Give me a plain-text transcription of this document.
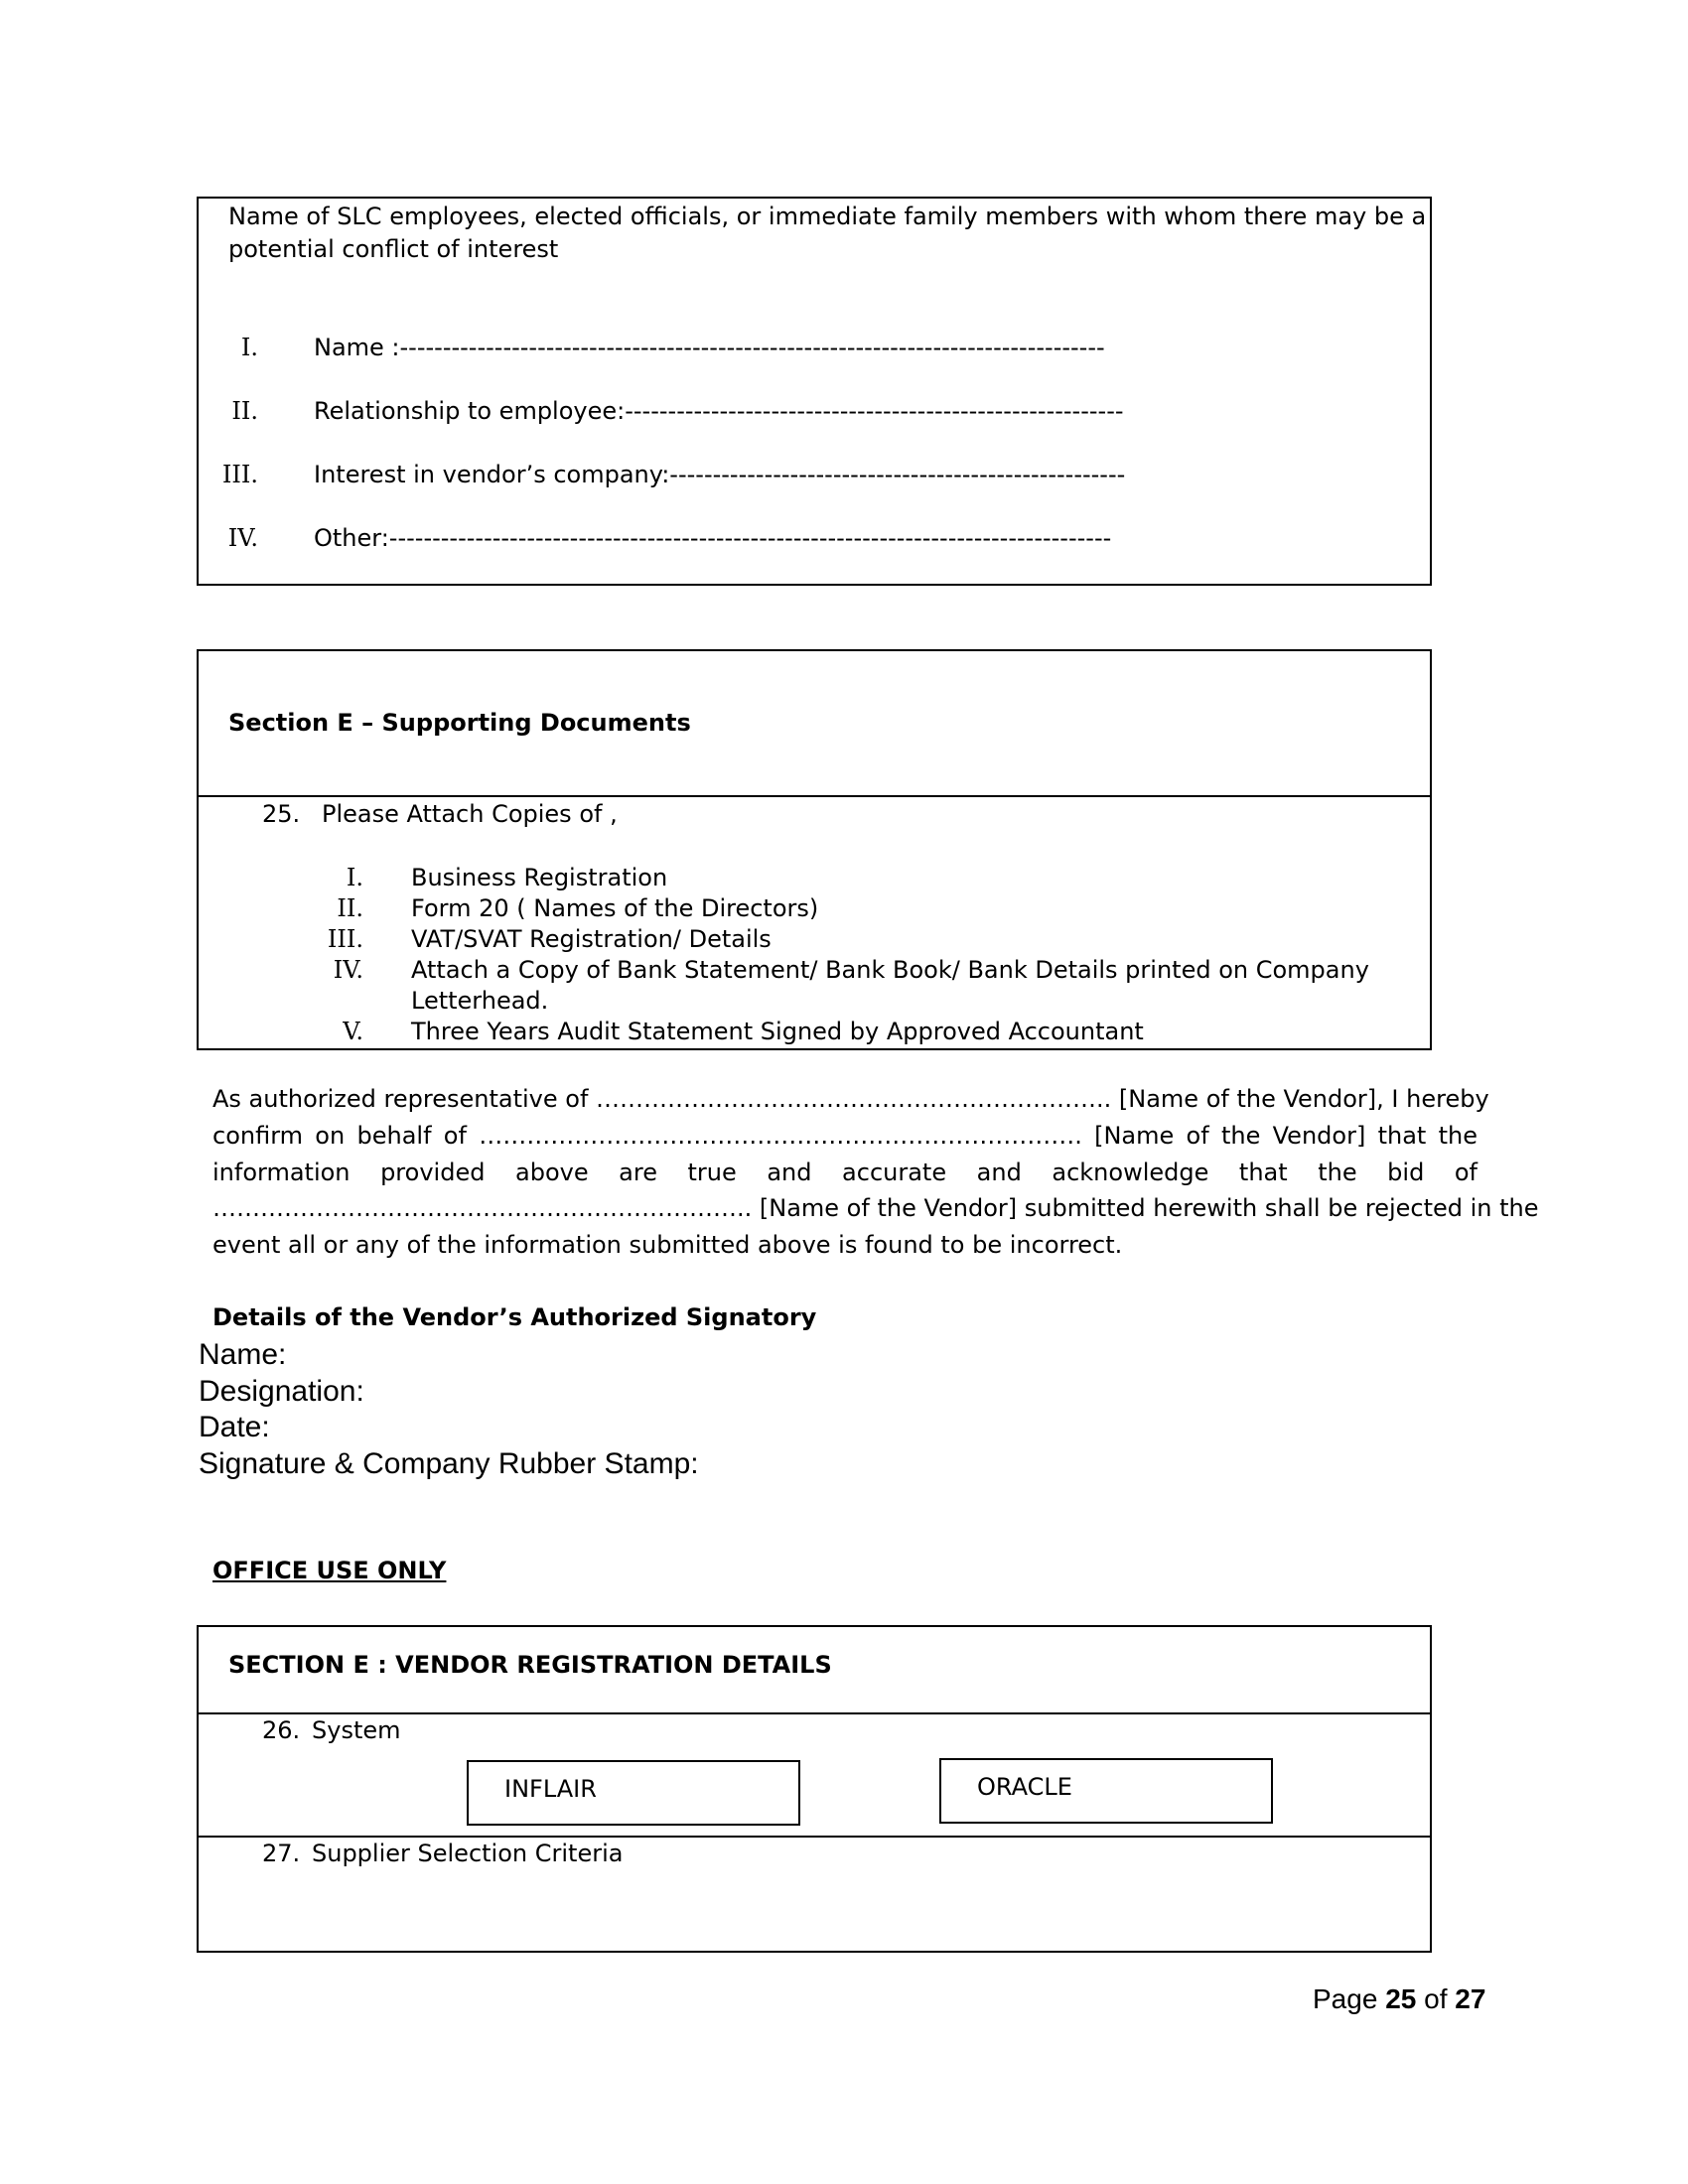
Name of SLC employees, elected officials, or immediate family members with whom there may be a
potential conflict of interest
I. Name :----------------------------------------------------------------------------------
II. Relationship to employee:----------------------------------------------------------
III. Interest in vendor’s company:-----------------------------------------------------
IV. Other:------------------------------------------------------------------------------------
Section E – Supporting Documents
25. Please Attach Copies of ,
I. Business Registration
II. Form 20 ( Names of the Directors)
III. VAT/SVAT Registration/ Details
IV. Attach a Copy of Bank Statement/ Bank Book/ Bank Details printed on Company
Letterhead.
V. Three Years Audit Statement Signed by Approved Accountant
As authorized representative of ……………………………………………………….. [Name of the Vendor], I hereby
confirm on behalf of …………………………………………………………………. [Name of the Vendor] that the
information provided above are true and accurate and acknowledge that the bid of
………………………………………………………….. [Name of the Vendor] submitted herewith shall be rejected in the
event all or any of the information submitted above is found to be incorrect.
Details of the Vendor’s Authorized Signatory
Name:
Designation:
Date:
Signature & Company Rubber Stamp:
OFFICE USE ONLY
SECTION E : VENDOR REGISTRATION DETAILS
26. System
INFLAIR	ORACLE
27. Supplier Selection Criteria
Page 25 of 27
